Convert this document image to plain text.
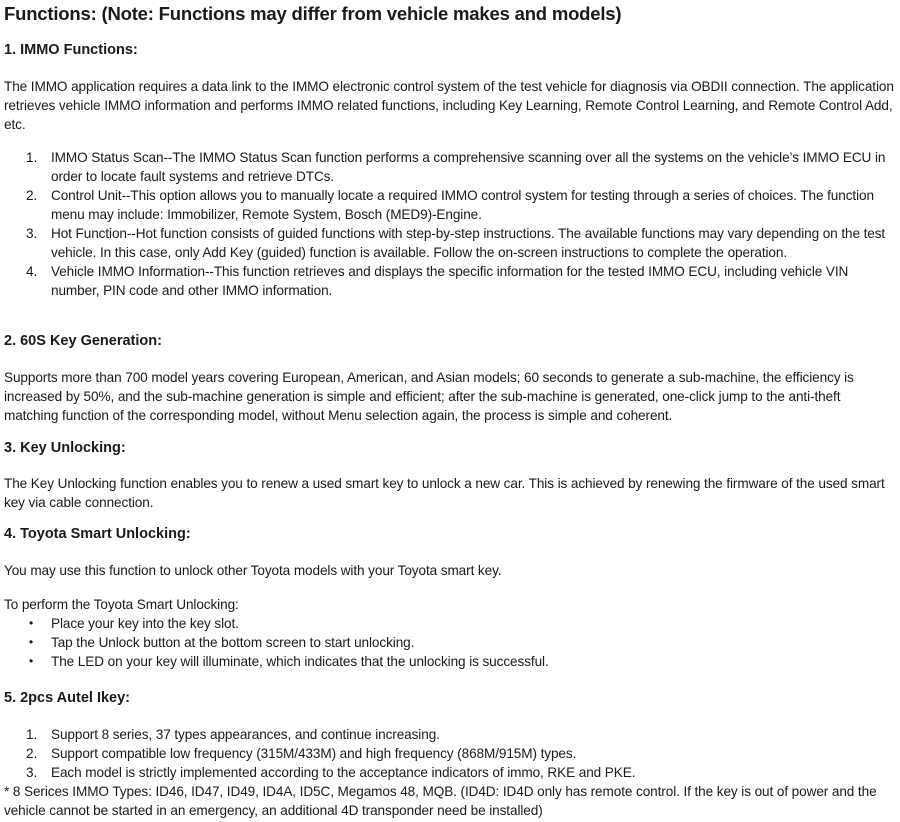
Functions: (Note: Functions may differ from vehicle makes and models)
1. IMMO Functions:
The IMMO application requires a data link to the IMMO electronic control system of the test vehicle for diagnosis via OBDII connection. The application retrieves vehicle IMMO information and performs IMMO related functions, including Key Learning, Remote Control Learning, and Remote Control Add, etc.
1. IMMO Status Scan--The IMMO Status Scan function performs a comprehensive scanning over all the systems on the vehicle’s IMMO ECU in order to locate fault systems and retrieve DTCs.
2. Control Unit--This option allows you to manually locate a required IMMO control system for testing through a series of choices. The function menu may include: Immobilizer, Remote System, Bosch (MED9)-Engine.
3. Hot Function--Hot function consists of guided functions with step-by-step instructions. The available functions may vary depending on the test vehicle. In this case, only Add Key (guided) function is available. Follow the on-screen instructions to complete the operation.
4. Vehicle IMMO Information--This function retrieves and displays the specific information for the tested IMMO ECU, including vehicle VIN number, PIN code and other IMMO information.
2. 60S Key Generation:
Supports more than 700 model years covering European, American, and Asian models; 60 seconds to generate a sub-machine, the efficiency is increased by 50%, and the sub-machine generation is simple and efficient; after the sub-machine is generated, one-click jump to the anti-theft matching function of the corresponding model, without Menu selection again, the process is simple and coherent.
3. Key Unlocking:
The Key Unlocking function enables you to renew a used smart key to unlock a new car. This is achieved by renewing the firmware of the used smart key via cable connection.
4. Toyota Smart Unlocking:
You may use this function to unlock other Toyota models with your Toyota smart key.
To perform the Toyota Smart Unlocking:
• Place your key into the key slot.
• Tap the Unlock button at the bottom screen to start unlocking.
• The LED on your key will illuminate, which indicates that the unlocking is successful.
5. 2pcs Autel Ikey:
1. Support 8 series, 37 types appearances, and continue increasing.
2. Support compatible low frequency (315M/433M) and high frequency (868M/915M) types.
3. Each model is strictly implemented according to the acceptance indicators of immo, RKE and PKE.
* 8 Serices IMMO Types: ID46, ID47, ID49, ID4A, ID5C, Megamos 48, MQB. (ID4D: ID4D only has remote control. If the key is out of power and the vehicle cannot be started in an emergency, an additional 4D transponder need be installed)
